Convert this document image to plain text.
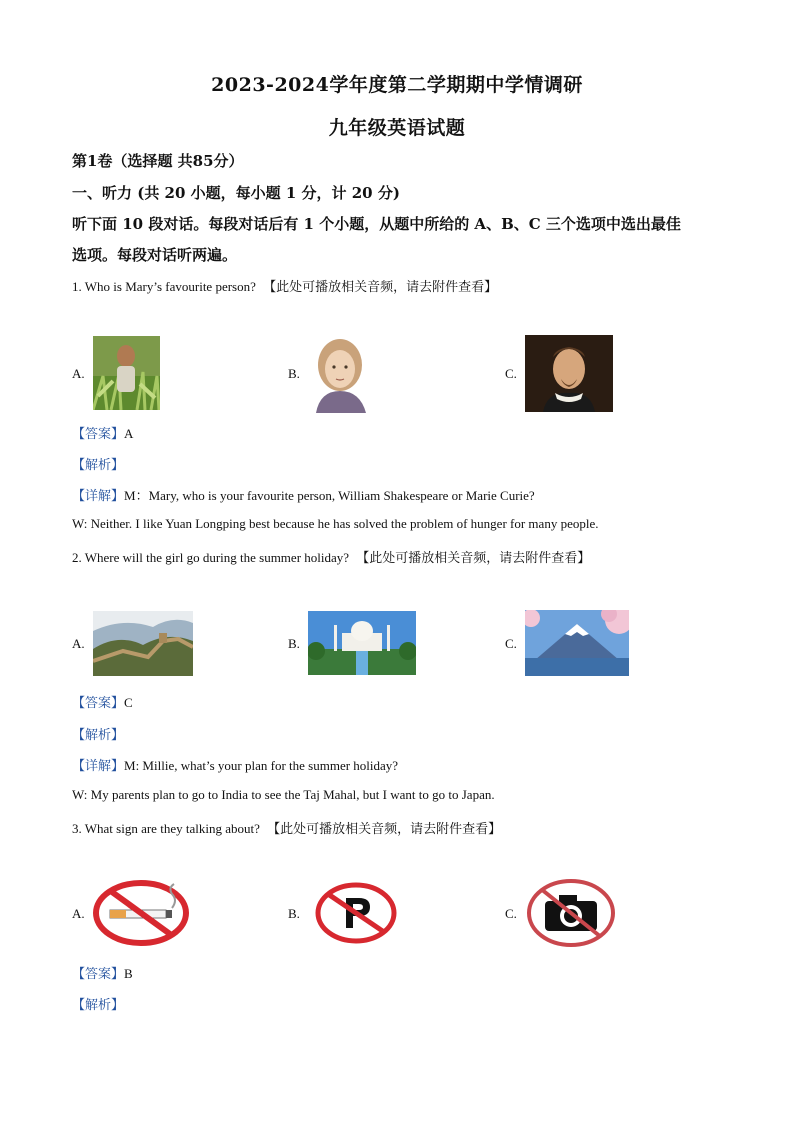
2023-2024学年度第二学期期中学情调研
九年级英语试题
第1卷（选择题 共85分）
一、听力 (共 20 小题，每小题 1 分，计 20 分)
听下面 10 段对话。每段对话后有 1 个小题，从题中所给的 A、B、C 三个选项中选出最佳
选项。每段对话听两遍。
1. Who is Mary’s favourite person? 【此处可播放相关音频，请去附件查看】
A.	B.	C.
【答案】A
【解析】
【详解】M：Mary, who is your favourite person, William Shakespeare or Marie Curie?
W: Neither. I like Yuan Longping best because he has solved the problem of hunger for many people.
2. Where will the girl go during the summer holiday? 【此处可播放相关音频，请去附件查看】
A.	B.	C.
【答案】C
【解析】
【详解】M: Millie, what’s your plan for the summer holiday?
W: My parents plan to go to India to see the Taj Mahal, but I want to go to Japan.
3. What sign are they talking about? 【此处可播放相关音频，请去附件查看】
A.	B.	C.
【答案】B
【解析】
